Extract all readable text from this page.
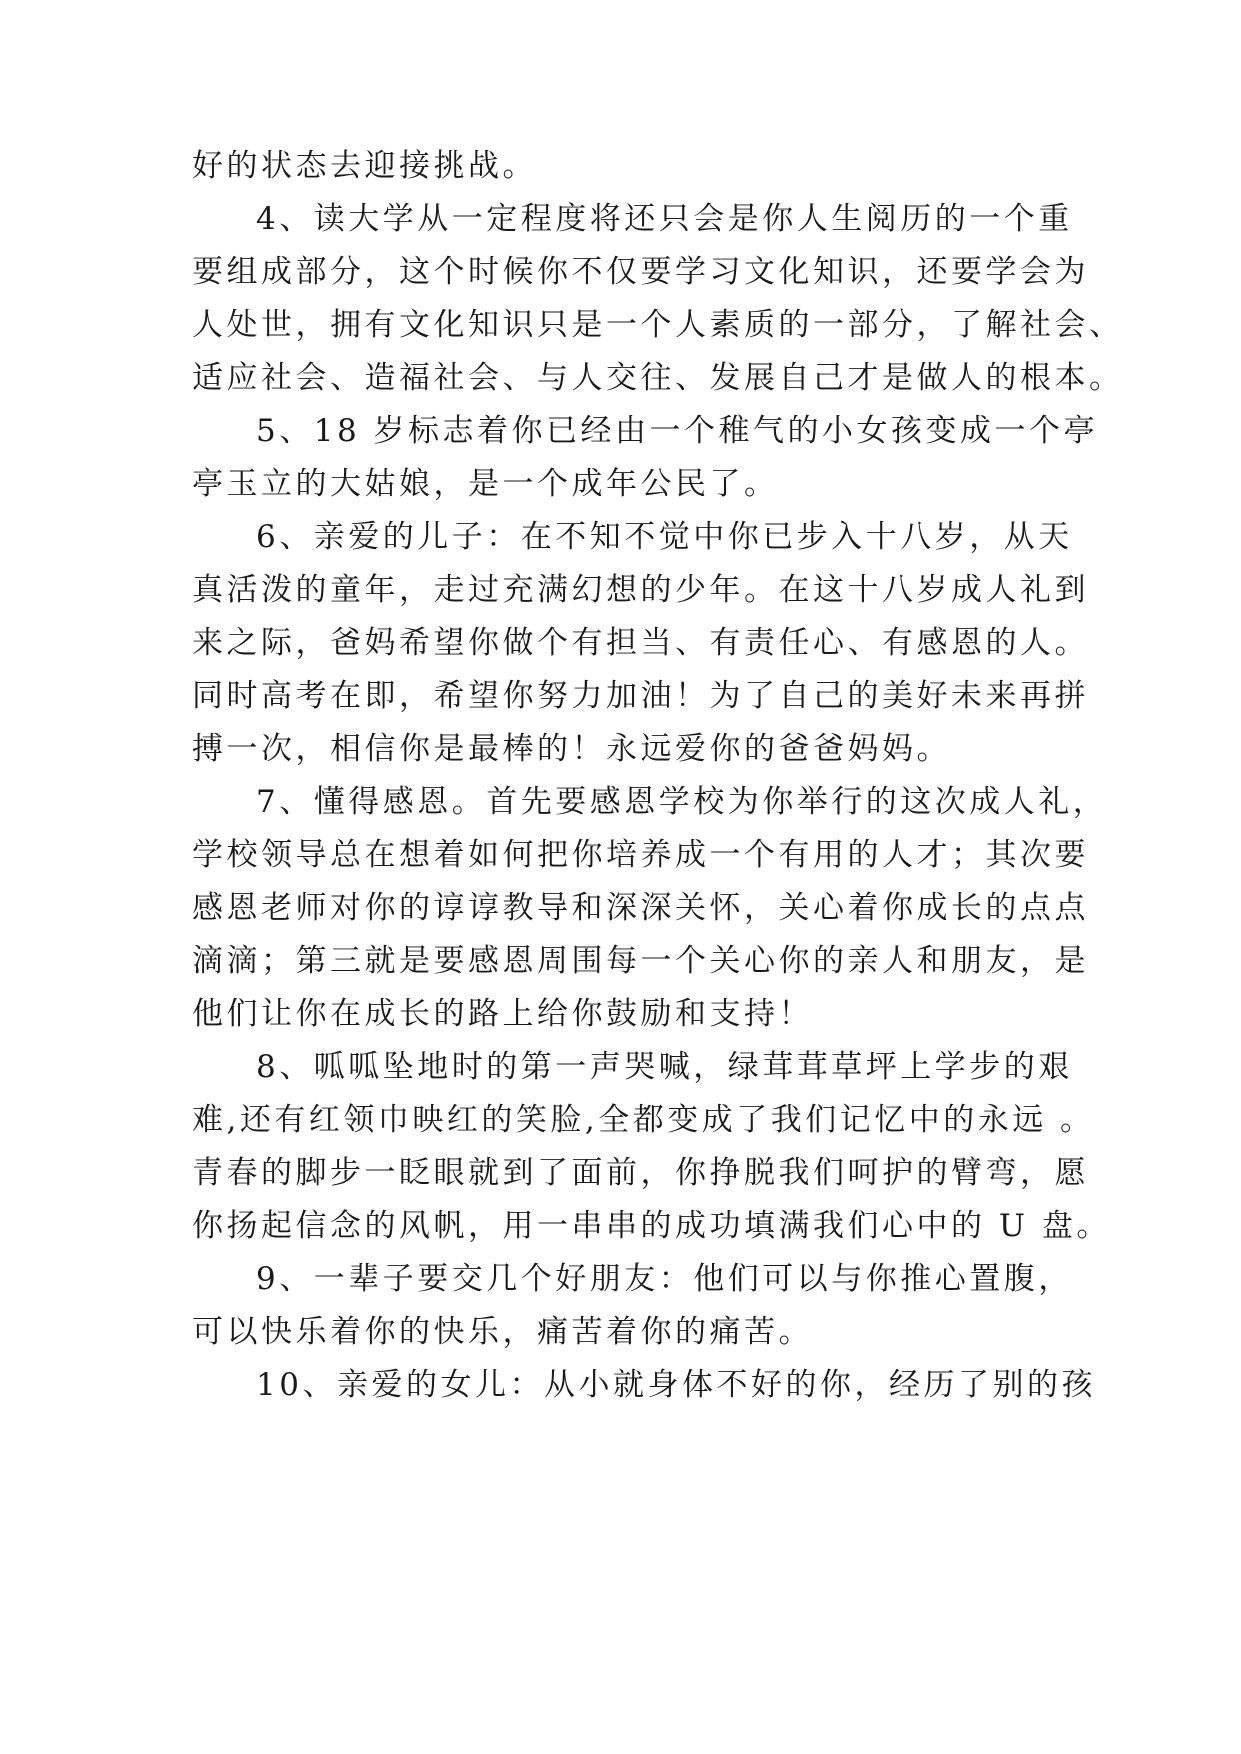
好的状态去迎接挑战。
4、读大学从一定程度将还只会是你人生阅历的一个重
要组成部分，这个时候你不仅要学习文化知识，还要学会为
人处世，拥有文化知识只是一个人素质的一部分，了解社会、
适应社会、造福社会、与人交往、发展自己才是做人的根本。
5、18 岁标志着你已经由一个稚气的小女孩变成一个亭
亭玉立的大姑娘，是一个成年公民了。
6、亲爱的儿子：在不知不觉中你已步入十八岁，从天
真活泼的童年，走过充满幻想的少年。在这十八岁成人礼到
来之际，爸妈希望你做个有担当、有责任心、有感恩的人。
同时高考在即，希望你努力加油！为了自己的美好未来再拼
搏一次，相信你是最棒的！永远爱你的爸爸妈妈。
7、懂得感恩。首先要感恩学校为你举行的这次成人礼，
学校领导总在想着如何把你培养成一个有用的人才；其次要
感恩老师对你的谆谆教导和深深关怀，关心着你成长的点点
滴滴；第三就是要感恩周围每一个关心你的亲人和朋友，是
他们让你在成长的路上给你鼓励和支持！
8、呱呱坠地时的第一声哭喊，绿茸茸草坪上学步的艰
难,还有红领巾映红的笑脸,全都变成了我们记忆中的永远 。
青春的脚步一眨眼就到了面前，你挣脱我们呵护的臂弯，愿
你扬起信念的风帆，用一串串的成功填满我们心中的 U 盘。
9、一辈子要交几个好朋友：他们可以与你推心置腹，
可以快乐着你的快乐，痛苦着你的痛苦。
10、亲爱的女儿：从小就身体不好的你，经历了别的孩
